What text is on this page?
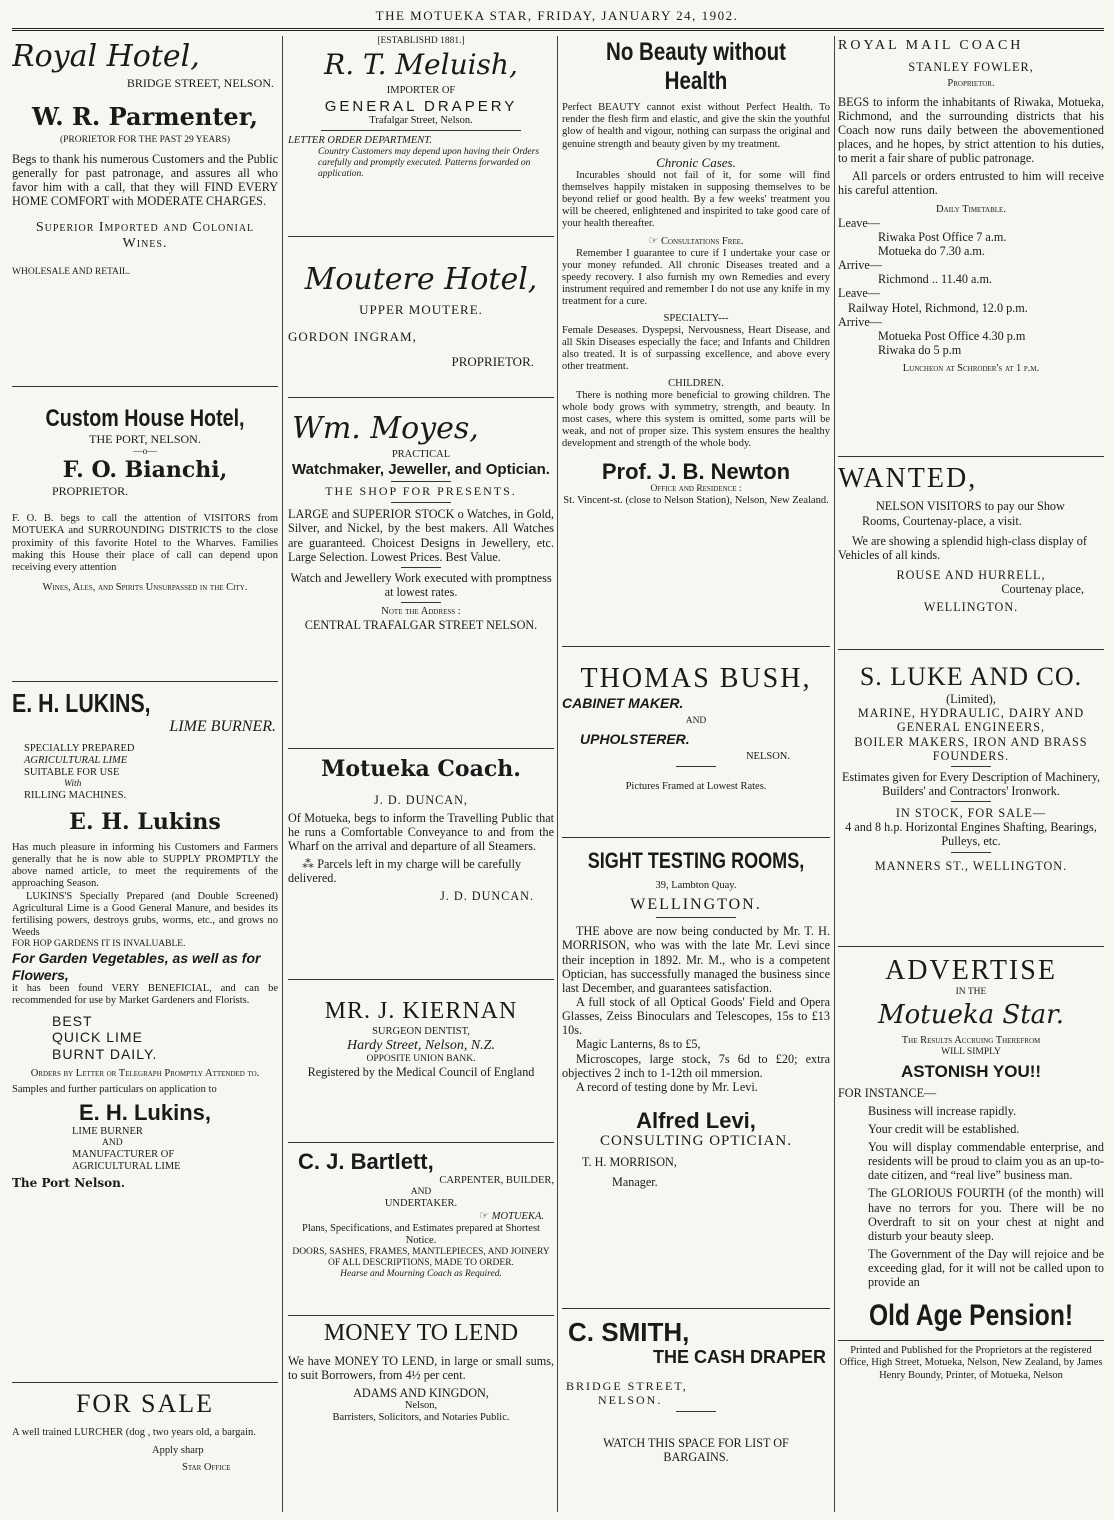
THE MOTUEKA STAR, FRIDAY, JANUARY 24, 1902.
Royal Hotel,
BRIDGE STREET, NELSON.
W. R. Parmenter,
(PRORIETOR FOR THE PAST 29 YEARS)

Begs to thank his numerous Customers and the Public generally for past patronage, and assures all who favor him with a call, that they will FIND EVERY HOME COMFORT with MODERATE CHARGES.

Superior Imported and Colonial Wines.
WHOLESALE AND RETAIL.
Custom House Hotel,
THE PORT, NELSON.
—o—
F. O. Bianchi,
PROPRIETOR.

F. O. B. begs to call the attention of VISITORS from MOTUEKA and SURROUNDING DISTRICTS to the close proximity of this favorite Hotel to the Wharves. Families making this House their place of call can depend upon receiving every attention

Wines, Ales, and Spirits Unsurpassed in the City.
E. H. LUKINS,
LIME BURNER.
SPECIALLY PREPARED
AGRICULTURAL LIME
SUITABLE FOR USE
With
RILLING MACHINES.
E. H. Lukins

Has much pleasure in informing his Customers and Farmers generally that he is now able to SUPPLY PROMPTLY the above named article, to meet the requirements of the approaching Season.

LUKINS'S Specially Prepared (and Double Screened) Agricultural Lime is a Good General Manure, and besides its fertilising powers, destroys grubs, worms, etc., and grows no Weeds

FOR HOP GARDENS IT IS INVALUABLE.
For Garden Vegetables, as well as for Flowers,

it has been found VERY BENEFICIAL, and can be recommended for use by Market Gardeners and Florists.

BEST
QUICK LIME
BURNT DAILY.
Orders by Letter or Telegraph Promptly Attended to.

Samples and further particulars on application to

E. H. Lukins,
LIME BURNER
AND
MANUFACTURER OF
AGRICULTURAL LIME
The Port Nelson.
FOR SALE

A well trained LURCHER (dog , two years old, a bargain.

Apply sharp
Star Office
[ESTABLISHD 1881.]
R. T. Meluish,
IMPORTER OF
GENERAL DRAPERY
Trafalgar Street, Nelson.
LETTER ORDER DEPARTMENT.

Country Customers may depend upon having their Orders carefully and promptly executed. Patterns forwarded on application.

Moutere Hotel,
UPPER MOUTERE.
GORDON INGRAM,
PROPRIETOR.
Wm. Moyes,
PRACTICAL
Watchmaker, Jeweller, and Optician.
THE SHOP FOR PRESENTS.

LARGE and SUPERIOR STOCK o Watches, in Gold, Silver, and Nickel, by the best makers. All Watches are guaranteed. Choicest Designs in Jewellery, etc. Large Selection. Lowest Prices. Best Value.

Watch and Jewellery Work executed with promptness at lowest rates.

Note the Address :
CENTRAL TRAFALGAR STREET NELSON.
Motueka Coach.
J. D. DUNCAN,

Of Motueka, begs to inform the Travelling Public that he runs a Comfortable Conveyance to and from the Wharf on the arrival and departure of all Steamers.

⁂ Parcels left in my charge will be carefully delivered.

J. D. DUNCAN.
MR. J. KIERNAN
SURGEON DENTIST,
Hardy Street, Nelson, N.Z.
OPPOSITE UNION BANK.
Registered by the Medical Council of England
C. J. Bartlett,
CARPENTER, BUILDER,
AND
UNDERTAKER.
☞ MOTUEKA.

Plans, Specifications, and Estimates prepared at Shortest Notice.

DOORS, SASHES, FRAMES, MANTLEPIECES, AND JOINERY OF ALL DESCRIPTIONS, MADE TO ORDER.

Hearse and Mourning Coach as Required.
MONEY TO LEND

We have MONEY TO LEND, in large or small sums, to suit Borrowers, from 4½ per cent.

ADAMS AND KINGDON,
Nelson,
Barristers, Solicitors, and Notaries Public.
No Beauty without Health

Perfect BEAUTY cannot exist without Perfect Health. To render the flesh firm and elastic, and give the skin the youthful glow of health and vigour, nothing can surpass the original and genuine strength and beauty given by my treatment.

Chronic Cases.

Incurables should not fail of it, for some will find themselves happily mistaken in supposing themselves to be beyond relief or good health. By a few weeks' treatment you will be cheered, enlightened and inspirited to take good care of your health thereafter.

☞ Consultations Free.

Remember I guarantee to cure if I undertake your case or your money refunded. All chronic Diseases treated and a speedy recovery. I also furnish my own Remedies and every instrument required and remember I do not use any knife in my treatment for a cure.

SPECIALTY---

Female Deseases. Dyspepsi, Nervousness, Heart Disease, and all Skin Diseases especially the face; and Infants and Children also treated. It is of surpassing excellence, and above every other treatment.

CHILDREN.

There is nothing more beneficial to growing children. The whole body grows with symmetry, strength, and beauty. In most cases, where this system is omitted, some parts will be weak, and not of proper size. This system ensures the healthy development and strength of the whole body.

Prof. J. B. Newton
Office and Residence :
St. Vincent-st. (close to Nelson Station), Nelson, New Zealand.
THOMAS BUSH,
CABINET MAKER.
AND
UPHOLSTERER.
NELSON.
Pictures Framed at Lowest Rates.
SIGHT TESTING ROOMS,
39, Lambton Quay.
WELLINGTON.

THE above are now being conducted by Mr. T. H. MORRISON, who was with the late Mr. Levi since their inception in 1892. Mr. M., who is a competent Optician, has successfully managed the business since last December, and guarantees satisfaction.

A full stock of all Optical Goods' Field and Opera Glasses, Zeiss Binoculars and Telescopes, 15s to £13 10s.

Magic Lanterns, 8s to £5,

Microscopes, large stock, 7s 6d to £20; extra objectives 2 inch to 1-12th oil mmersion.

A record of testing done by Mr. Levi.

Alfred Levi,
CONSULTING OPTICIAN.
T. H. MORRISON,
Manager.
C. SMITH,
THE CASH DRAPER
BRIDGE STREET,
NELSON.
WATCH THIS SPACE FOR LIST OF BARGAINS.
ROYAL MAIL COACH
STANLEY FOWLER,
Proprietor.

BEGS to inform the inhabitants of Riwaka, Motueka, Richmond, and the surrounding districts that his Coach now runs daily between the abovementioned places, and he hopes, by strict attention to his duties, to merit a fair share of public patronage.

All parcels or orders entrusted to him will receive his careful attention.

Daily Timetable.
Leave—
Riwaka Post Office 7 a.m.
Motueka do 7.30 a.m.
Arrive—
Richmond .. 11.40 a.m.
Leave—
Railway Hotel, Richmond, 12.0 p.m.
Arrive—
Motueka Post Office 4.30 p.m
Riwaka do 5 p.m
Luncheon at Schroder's at 1 p.m.
WANTED,

NELSON VISITORS to pay our Show Rooms, Courtenay-place, a visit.

We are showing a splendid high-class display of Vehicles of all kinds.

ROUSE AND HURRELL,
Courtenay place,
WELLINGTON.
S. LUKE AND CO.
(Limited),
MARINE, HYDRAULIC, DAIRY AND GENERAL ENGINEERS,
BOILER MAKERS, IRON AND BRASS FOUNDERS.
Estimates given for Every Description of Machinery,
Builders' and Contractors' Ironwork.
IN STOCK, FOR SALE—
4 and 8 h.p. Horizontal Engines Shafting, Bearings, Pulleys, etc.
MANNERS ST., WELLINGTON.
ADVERTISE
IN THE
Motueka Star.
The Results Accruing Therefrom
WILL SIMPLY
ASTONISH YOU!!
FOR INSTANCE—

Business will increase rapidly.

Your credit will be established.

You will display commendable enterprise, and residents will be proud to claim you as an up-to-date citizen, and “real live” business man.

The GLORIOUS FOURTH (of the month) will have no terrors for you. There will be no Overdraft to sit on your chest at night and disturb your beauty sleep.

The Government of the Day will rejoice and be exceeding glad, for it will not be called upon to provide an

Old Age Pension!

Printed and Published for the Proprietors at the registered Office, High Street, Motueka, Nelson, New Zealand, by James Henry Boundy, Printer, of Motueka, Nelson
